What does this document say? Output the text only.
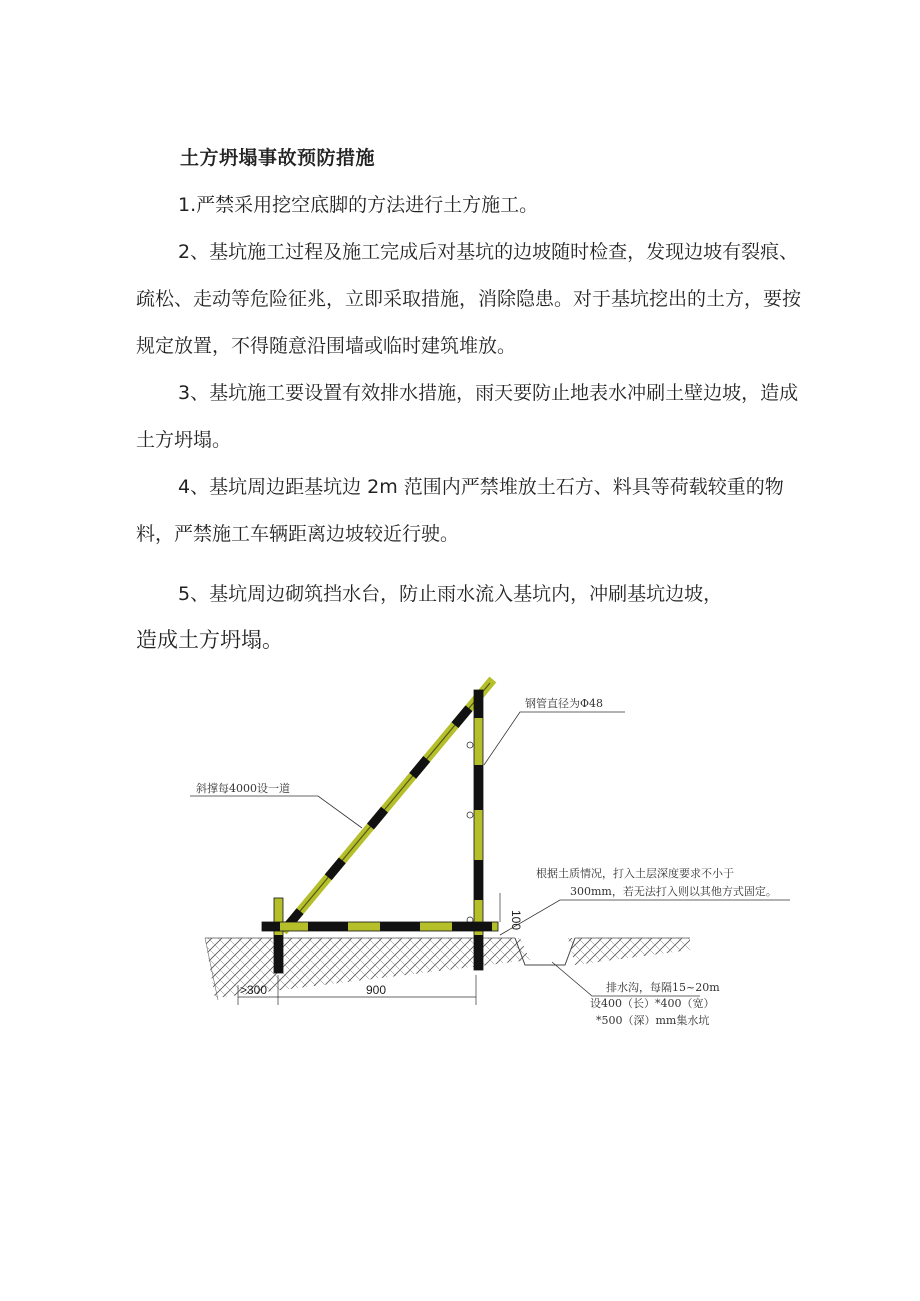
土方坍塌事故预防措施
1.严禁采用挖空底脚的方法进行土方施工。
2、基坑施工过程及施工完成后对基坑的边坡随时检查，发现边坡有裂痕、疏松、走动等危险征兆，立即采取措施，消除隐患。对于基坑挖出的土方，要按规定放置，不得随意沿围墙或临时建筑堆放。
3、基坑施工要设置有效排水措施，雨天要防止地表水冲刷土壁边坡，造成土方坍塌。
4、基坑周边距基坑边 2m 范围内严禁堆放土石方、料具等荷载较重的物料，严禁施工车辆距离边坡较近行驶。
5、基坑周边砌筑挡水台，防止雨水流入基坑内，冲刷基坑边坡，
造成土方坍塌。
钢管直径为Φ48
斜撑每4000设一道
根据土质情况，打入土层深度要求不小于
300mm，若无法打入则以其他方式固定。
100
>300	900	排水沟，每隔15~20m
设400（长）*400（宽）
*500（深）mm集水坑
